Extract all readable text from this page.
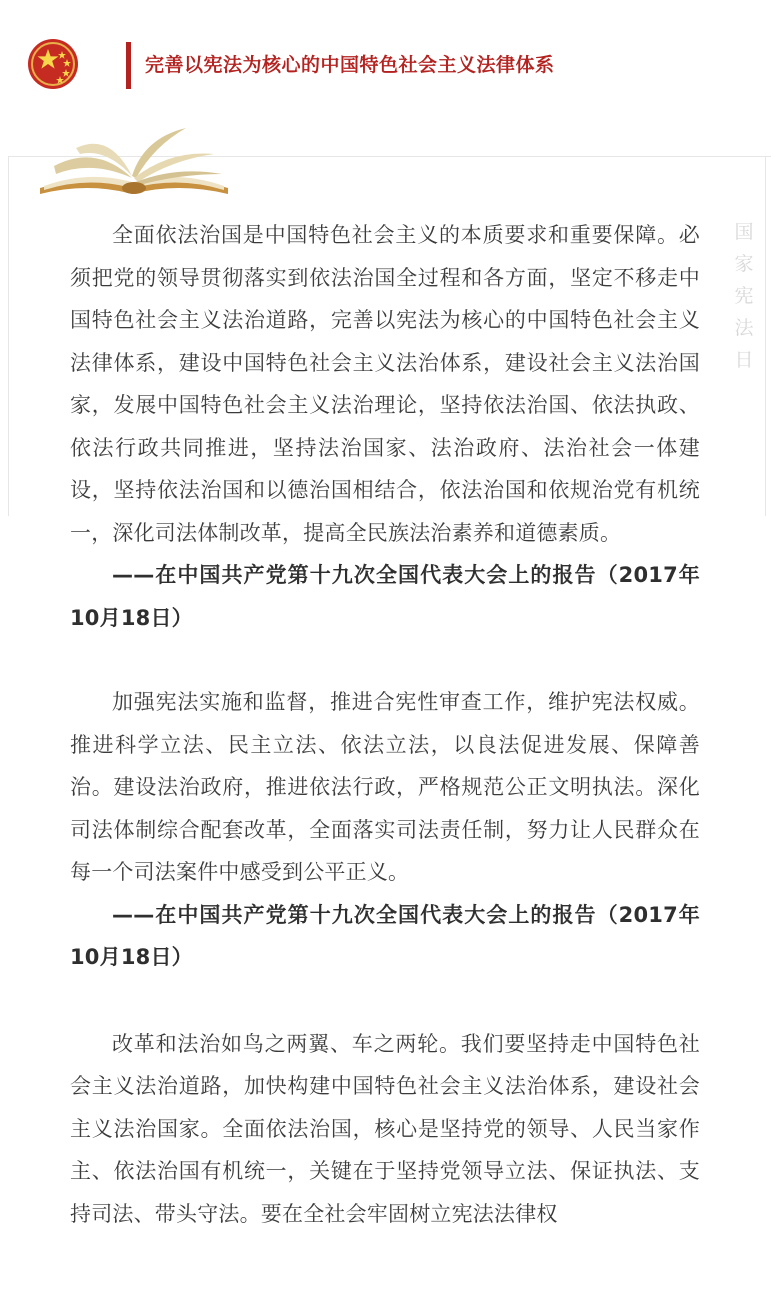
完善以宪法为核心的中国特色社会主义法律体系
国家宪法日

全面依法治国是中国特色社会主义的本质要求和重要保障。必须把党的领导贯彻落实到依法治国全过程和各方面，坚定不移走中国特色社会主义法治道路，完善以宪法为核心的中国特色社会主义法律体系，建设中国特色社会主义法治体系，建设社会主义法治国家，发展中国特色社会主义法治理论，坚持依法治国、依法执政、依法行政共同推进，坚持法治国家、法治政府、法治社会一体建设，坚持依法治国和以德治国相结合，依法治国和依规治党有机统一，深化司法体制改革，提高全民族法治素养和道德素质。

——在中国共产党第十九次全国代表大会上的报告（2017年10月18日）

加强宪法实施和监督，推进合宪性审查工作，维护宪法权威。推进科学立法、民主立法、依法立法，以良法促进发展、保障善治。建设法治政府，推进依法行政，严格规范公正文明执法。深化司法体制综合配套改革，全面落实司法责任制，努力让人民群众在每一个司法案件中感受到公平正义。

——在中国共产党第十九次全国代表大会上的报告（2017年10月18日）

改革和法治如鸟之两翼、车之两轮。我们要坚持走中国特色社会主义法治道路，加快构建中国特色社会主义法治体系，建设社会主义法治国家。全面依法治国，核心是坚持党的领导、人民当家作主、依法治国有机统一，关键在于坚持党领导立法、保证执法、支持司法、带头守法。要在全社会牢固树立宪法法律权
